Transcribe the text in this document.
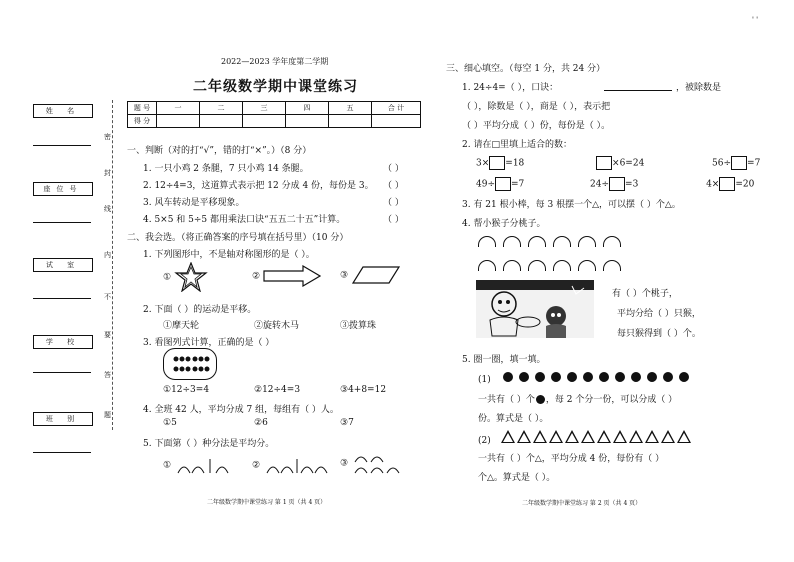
' '
姓 名
座位号
试 室
学 校
班 别
密
封
线
内
不
要
答
题
2022—2023 学年度第二学期
二年级数学期中课堂练习
题 号	一	二	三	四	五	合 计
得 分						
一、判断（对的打“√”，错的打“×”。）（8 分）
1. 一只小鸡 2 条腿，7 只小鸡 14 条腿。	（ ）
2. 12÷4=3，这道算式表示把 12 分成 4 份，每份是 3。 （ ）
3. 风车转动是平移现象。	（ ）
4. 5×5 和 5÷5 都用乘法口诀“五五二十五”计算。	（ ）
二、我会选。（将正确答案的序号填在括号里）（10 分）
1. 下列图形中，不是轴对称图形的是（ ）。
①	②	③
2. 下面（ ）的运动是平移。
①摩天轮	②旋转木马	③拨算珠
3. 看图列式计算，正确的是（ ）
①12÷3=4	②12÷4=3	③4+8=12
4. 全班 42 人，平均分成 7 组，每组有（ ）人。
①5	②6	③7
5. 下面第（ ）种分法是平均分。
①	②	③
二年级数学期中课堂练习 第 1 页（共 4 页）
三、细心填空。（每空 1 分，共 24 分）
1. 24÷4=（ ），口诀：	，被除数是
（ ），除数是（ ），商是（ ），表示把
（ ）平均分成（ ）份，每份是（ ）。
2. 请在□里填上适合的数：
3× =18	×6=24	56÷ =7
49÷ =7	24÷ =3	4× =20
3. 有 21 根小棒，每 3 根摆一个△，可以摆（ ）个△。
4. 帮小猴子分桃子。
有（ ）个桃子，
平均分给（ ）只猴，
每只猴得到（ ）个。
5. 圈一圈，填一填。
(1)
一共有（ ）个 ，每 2 个分一份，可以分成（ ）
份。算式是（ ）。
(2)
一共有（ ）个△，平均分成 4 份，每份有（ ）
个△。算式是（ ）。
二年级数学期中课堂练习 第 2 页（共 4 页）
